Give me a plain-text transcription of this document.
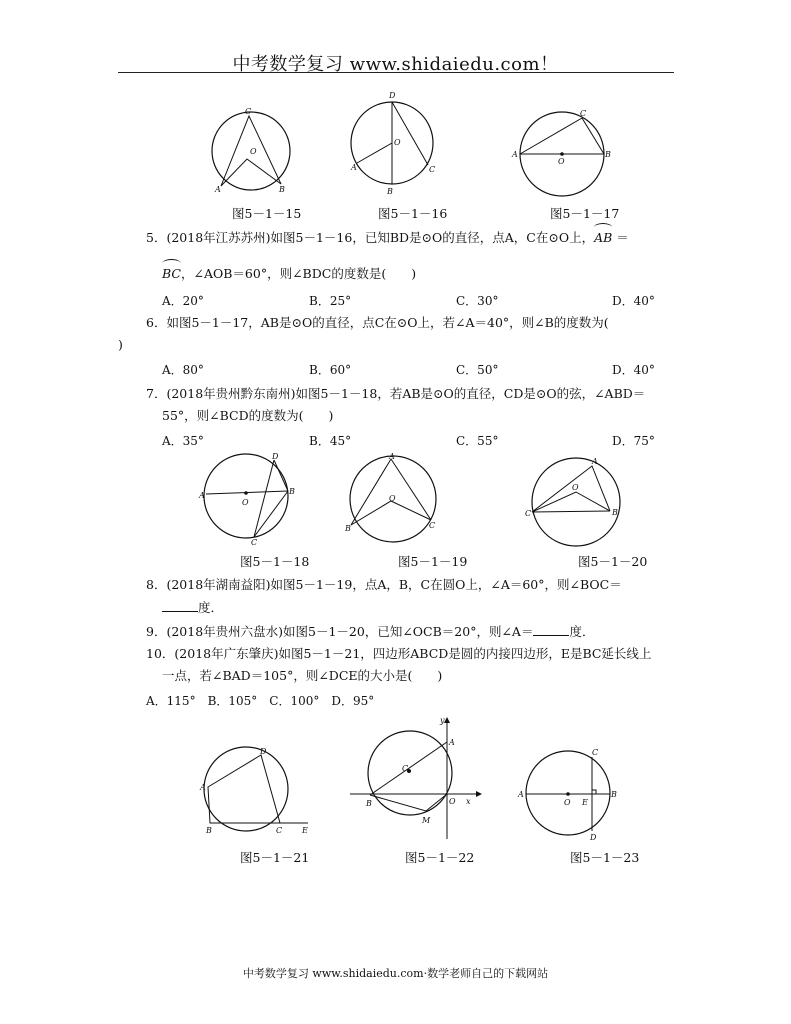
中考数学复习 www.shidaiedu.com！
C
O
A	B
图5－1－15
D
O
A	C
B
图5－1－16
C
A	B
O
图5－1－17
5．(2018年江苏苏州)如图5－1－16，已知BD是⊙O的直径，点A，C在⊙O上，
AB ＝
BC，∠AOB＝60°，则∠BDC的度数是(　　)
A．20°	B．25°	C．30°	D．40°
6．如图5－1－17，AB是⊙O的直径，点C在⊙O上，若∠A＝40°，则∠B的度数为(
)
A．80°	B．60°	C．50°	D．40°
7．(2018年贵州黔东南州)如图5－1－18，若AB是⊙O的直径，CD是⊙O的弦，∠ABD＝
55°，则∠BCD的度数为(　　)
A．35°	B．45°	C．55°	D．75°
D
A	B
O
C
图5－1－18
A
O
B	C
图5－1－19
A
O
C	B
图5－1－20
8．(2018年湖南益阳)如图5－1－19，点A，B，C在圆O上，∠A＝60°，则∠BOC＝
度．
9．(2018年贵州六盘水)如图5－1－20，已知∠OCB＝20°，则∠A＝	度．
10．(2018年广东肇庆)如图5－1－21，四边形ABCD是圆的内接四边形，E是BC延长线上
一点，若∠BAD＝105°，则∠DCE的大小是(　　)
A．115°　B．105°　C．100°　D．95°
D
A
B	C E
图5－1－21
y
A
C
B	O x
M
图5－1－22
C
A
O E
B
D
图5－1－23
中考数学复习 www.shidaiedu.com·数学老师自己的下载网站
